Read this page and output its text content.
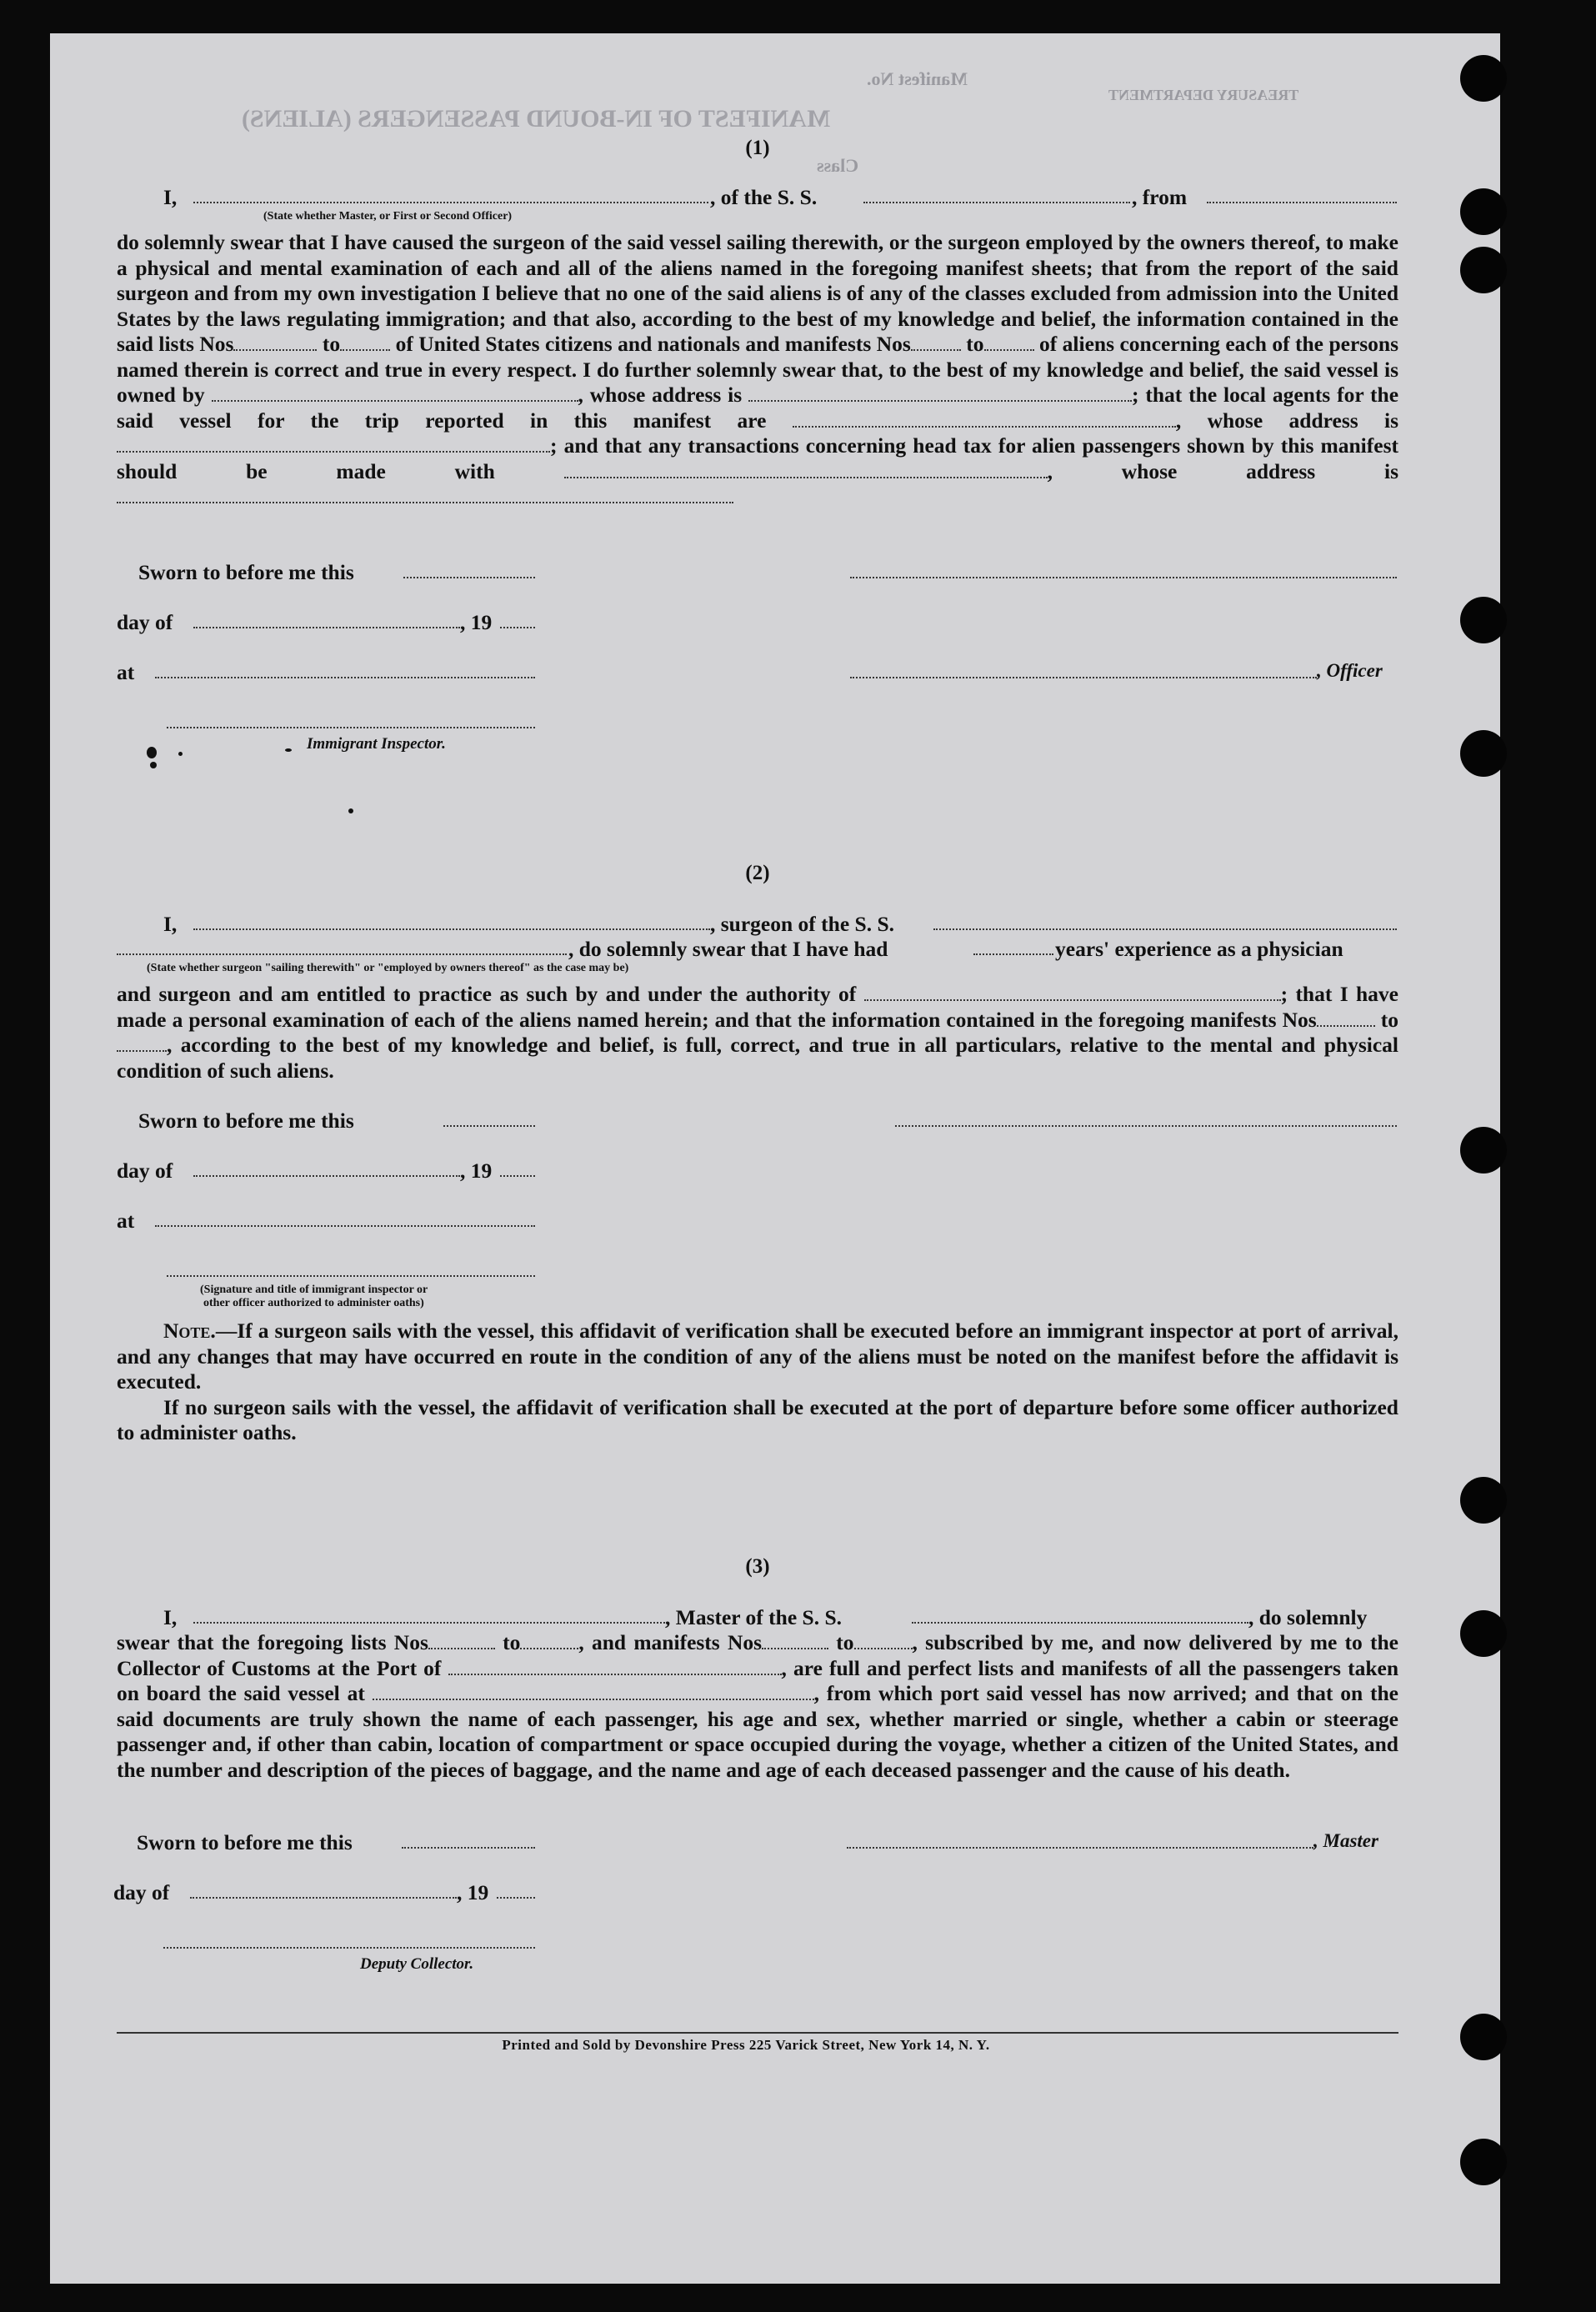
MANIFEST OF IN-BOUND PASSENGERS (ALIENS)
Manifest No.
Class
TREASURY DEPARTMENT
(1)
I,	, of the S. S.	, from
(State whether Master, or First or Second Officer)

do solemnly swear that I have caused the surgeon of the said vessel sailing therewith, or the surgeon employed by the owners thereof, to make a physical and mental examination of each and all of the aliens named in the foregoing manifest sheets; that from the report of the said surgeon and from my own investigation I believe that no one of the said aliens is of any of the classes excluded from admission into the United States by the laws regulating immigration; and that also, according to the best of my knowledge and belief, the information contained in the said lists Nos	to	of United States citizens and nationals and manifests Nos	to	of aliens concerning each of the persons named therein is correct and true in every respect. I do further solemnly swear that, to the best of my knowledge and belief, the said vessel is owned by	, whose address is	; that the local agents for the said vessel for the trip reported in this manifest are	, whose address is ; and that any transactions concerning head tax for alien passengers shown by this manifest should be made with	, whose address is

Sworn to before me this
day of	, 19
at	, Officer
Immigrant Inspector.
(2)
I,	, surgeon of the S. S.
, do solemnly swear that I have had	years' experience as a physician
(State whether surgeon "sailing therewith" or "employed by owners thereof" as the case may be)

and surgeon and am entitled to practice as such by and under the authority of	; that I have made a personal examination of each of the aliens named herein; and that the information contained in the foregoing manifests Nos	to, according to the best of my knowledge and belief, is full, correct, and true in all particulars, relative to the mental and physical condition of such aliens.

Sworn to before me this
day of	, 19
at
(Signature and title of immigrant inspector or
other officer authorized to administer oaths)

Note.—If a surgeon sails with the vessel, this affidavit of verification shall be executed before an immigrant inspector at port of arrival, and any changes that may have occurred en route in the condition of any of the aliens must be noted on the manifest before the affidavit is executed.

If no surgeon sails with the vessel, the affidavit of verification shall be executed at the port of departure before some officer authorized to administer oaths.

(3)
I,	, Master of the S. S.	, do solemnly

swear that the foregoing lists Nos	to	, and manifests Nos	to	, subscribed by me, and now delivered by me to the Collector of Customs at the Port of	, are full and perfect lists and manifests of all the passengers taken on board the said vessel at	, from which port said vessel has now arrived; and that on the said documents are truly shown the name of each passenger, his age and sex, whether married or single, whether a cabin or steerage passenger and, if other than cabin, location of compartment or space occupied during the voyage, whether a citizen of the United States, and the number and description of the pieces of baggage, and the name and age of each deceased passenger and the cause of his death.

Sworn to before me this	, Master
day of	, 19
Deputy Collector.
Printed and Sold by Devonshire Press 225 Varick Street, New York 14, N. Y.
